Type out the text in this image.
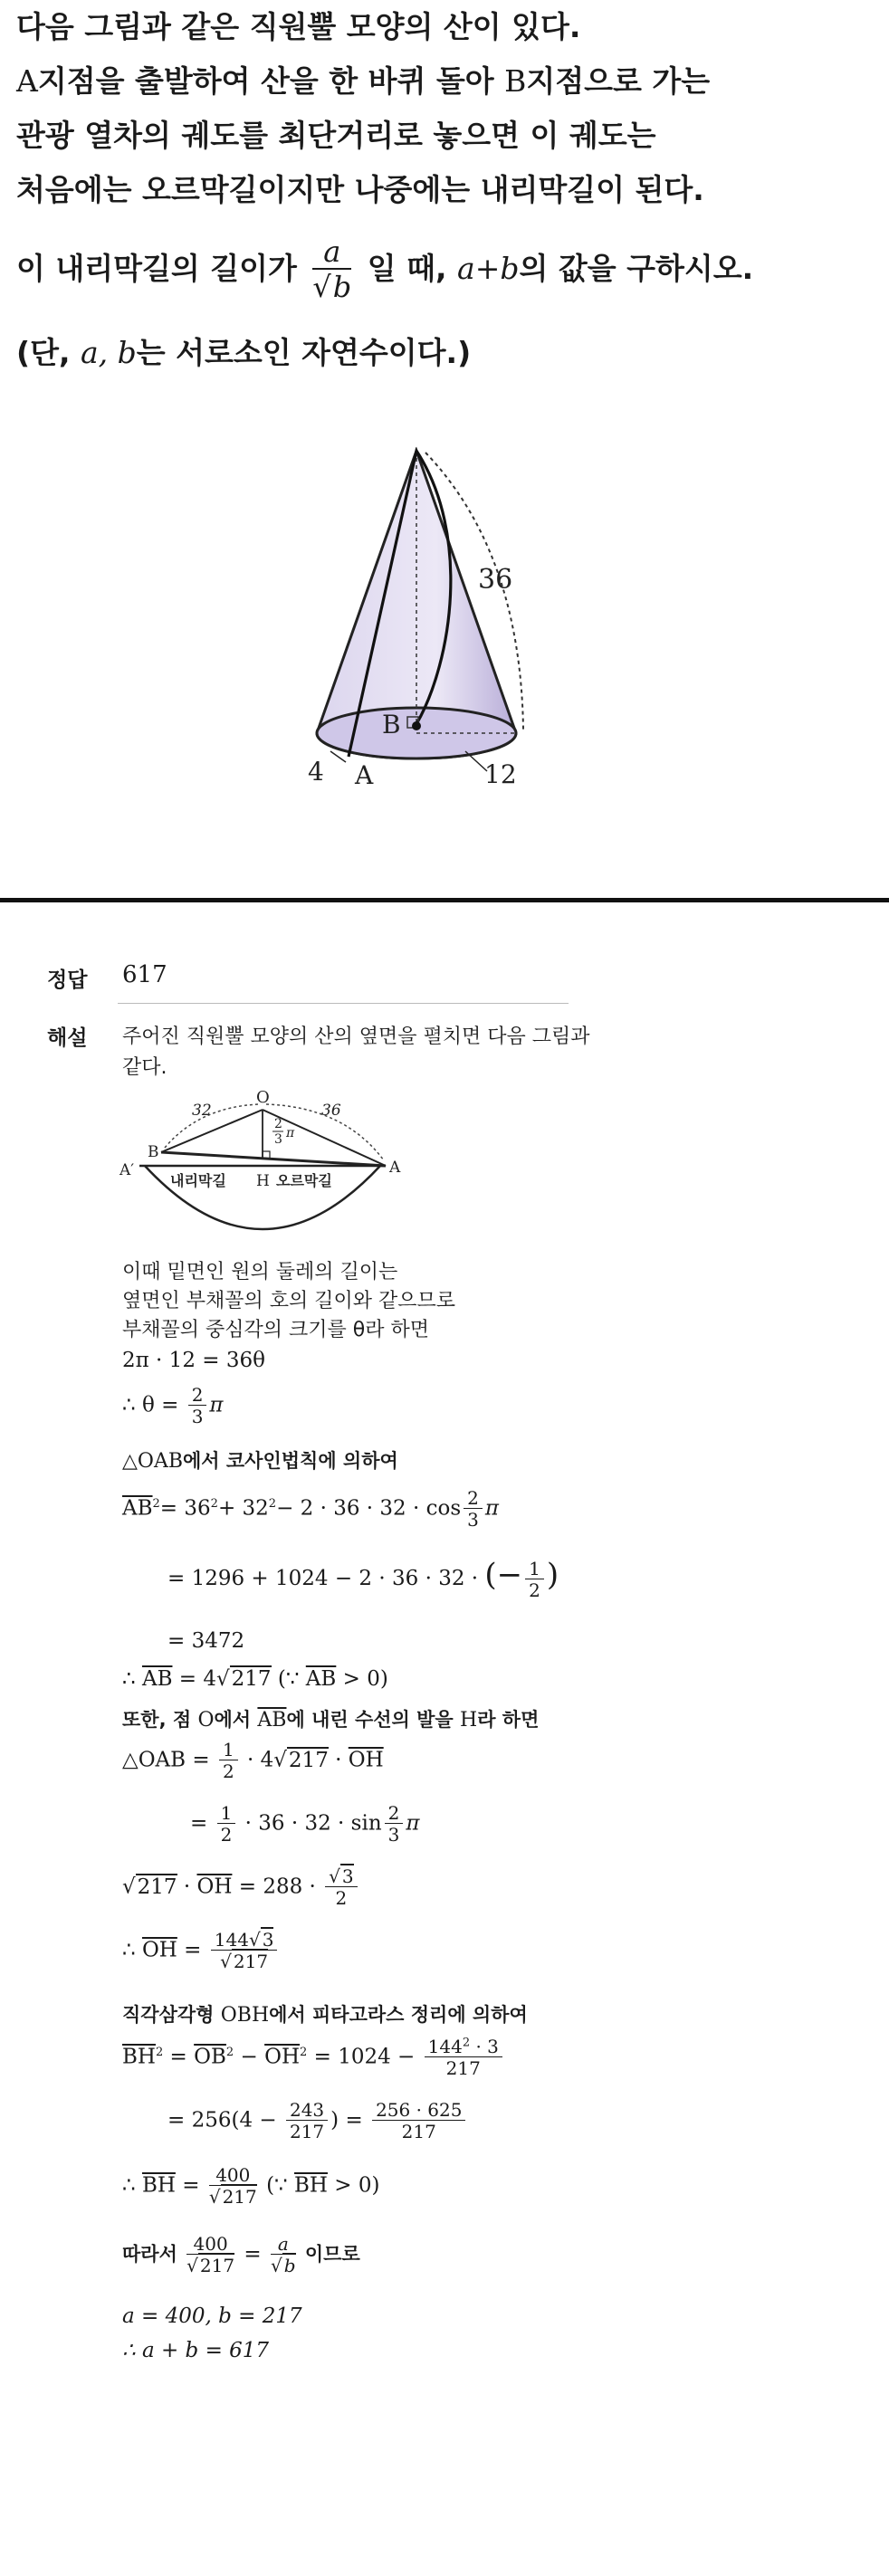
다음 그림과 같은 직원뿔 모양의 산이 있다.
A지점을 출발하여 산을 한 바퀴 돌아 B지점으로 가는
관광 열차의 궤도를 최단거리로 놓으면 이 궤도는
처음에는 오르막길이지만 나중에는 내리막길이 된다.
이 내리막길의 길이가 $\frac{a}{√b}$ 일 때, a+b의 값을 구하시오.
(단, a, b는 서로소인 자연수이다.)
36
B
4 A	12
정답 617
해설 주어진 직원뿔 모양의 산의 옆면을 펼치면 다음 그림과
같다.
O
32	36
2
3 π
B
A′	A
내리막길 H 오르막길
이때 밑면인 원의 둘레의 길이는
옆면인 부채꼴의 호의 길이와 같으므로
부채꼴의 중심각의 크기를 θ라 하면
2π · 12 = 36θ
∴ $\theta = \frac{2}{3}$ π
△OAB에서 코사인법칙에 의하여
$\overline{AB}^2= 36^2+ 32^2- 2 \cdot 36 \cdot 32 \cdot \cos \frac{2}{3}$ π
= 1296 + 1024 − 2 · 36 · 32 · (− $\frac{1}{2}$ )
= 3472
∴ $\overline{AB} = 4√217$ (∵ $\overline{AB} > 0$)
또한, 점 O에서 $\overline{AB}$에 내린 수선의 발을 H라 하면
△OAB = $\frac{1}{2} \cdot 4√217 \cdot \overline{OH}$
= $\frac{1}{2} \cdot 36 \cdot 32 \cdot \sin \frac{2}{3}$ π
$√217 \cdot \overline{OH} = 288 \cdot \frac{√ 3}{2}$
∴ $\overline{OH} = \frac{144√ 3}{√ 217}$
직각삼각형 OBH에서 피타고라스 정리에 의하여
$\overline{BH}^2 = \overline{OB}^2 - \overline{OH}^2 = 1024 - \frac{144^2 \cdot 3}{217}$
= $256(4 - \frac{243}{217}$ ) = $\frac{256 \cdot 625}{217}$
∴ $\overline{BH} = \frac{400}{√ 217}$ (∵ $\overline{BH} > 0$)
따라서 $\frac{400}{√ 217} = \frac{a}{√ b}$ 이므로
a = 400, b = 217
∴ a + b = 617
